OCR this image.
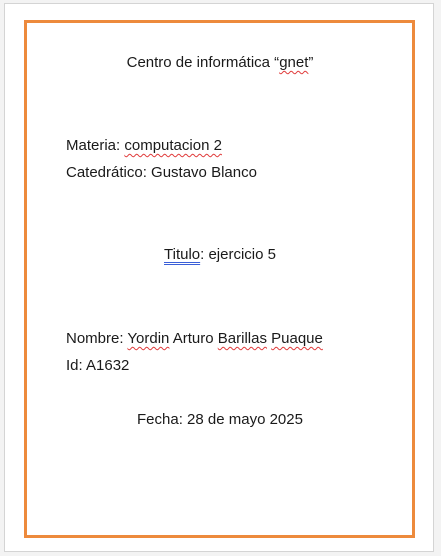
Centro de informática “gnet”
Materia: computacion 2
Catedrático: Gustavo Blanco
Titulo: ejercicio 5
Nombre: Yordin Arturo Barillas Puaque
Id: A1632
Fecha: 28 de mayo 2025
